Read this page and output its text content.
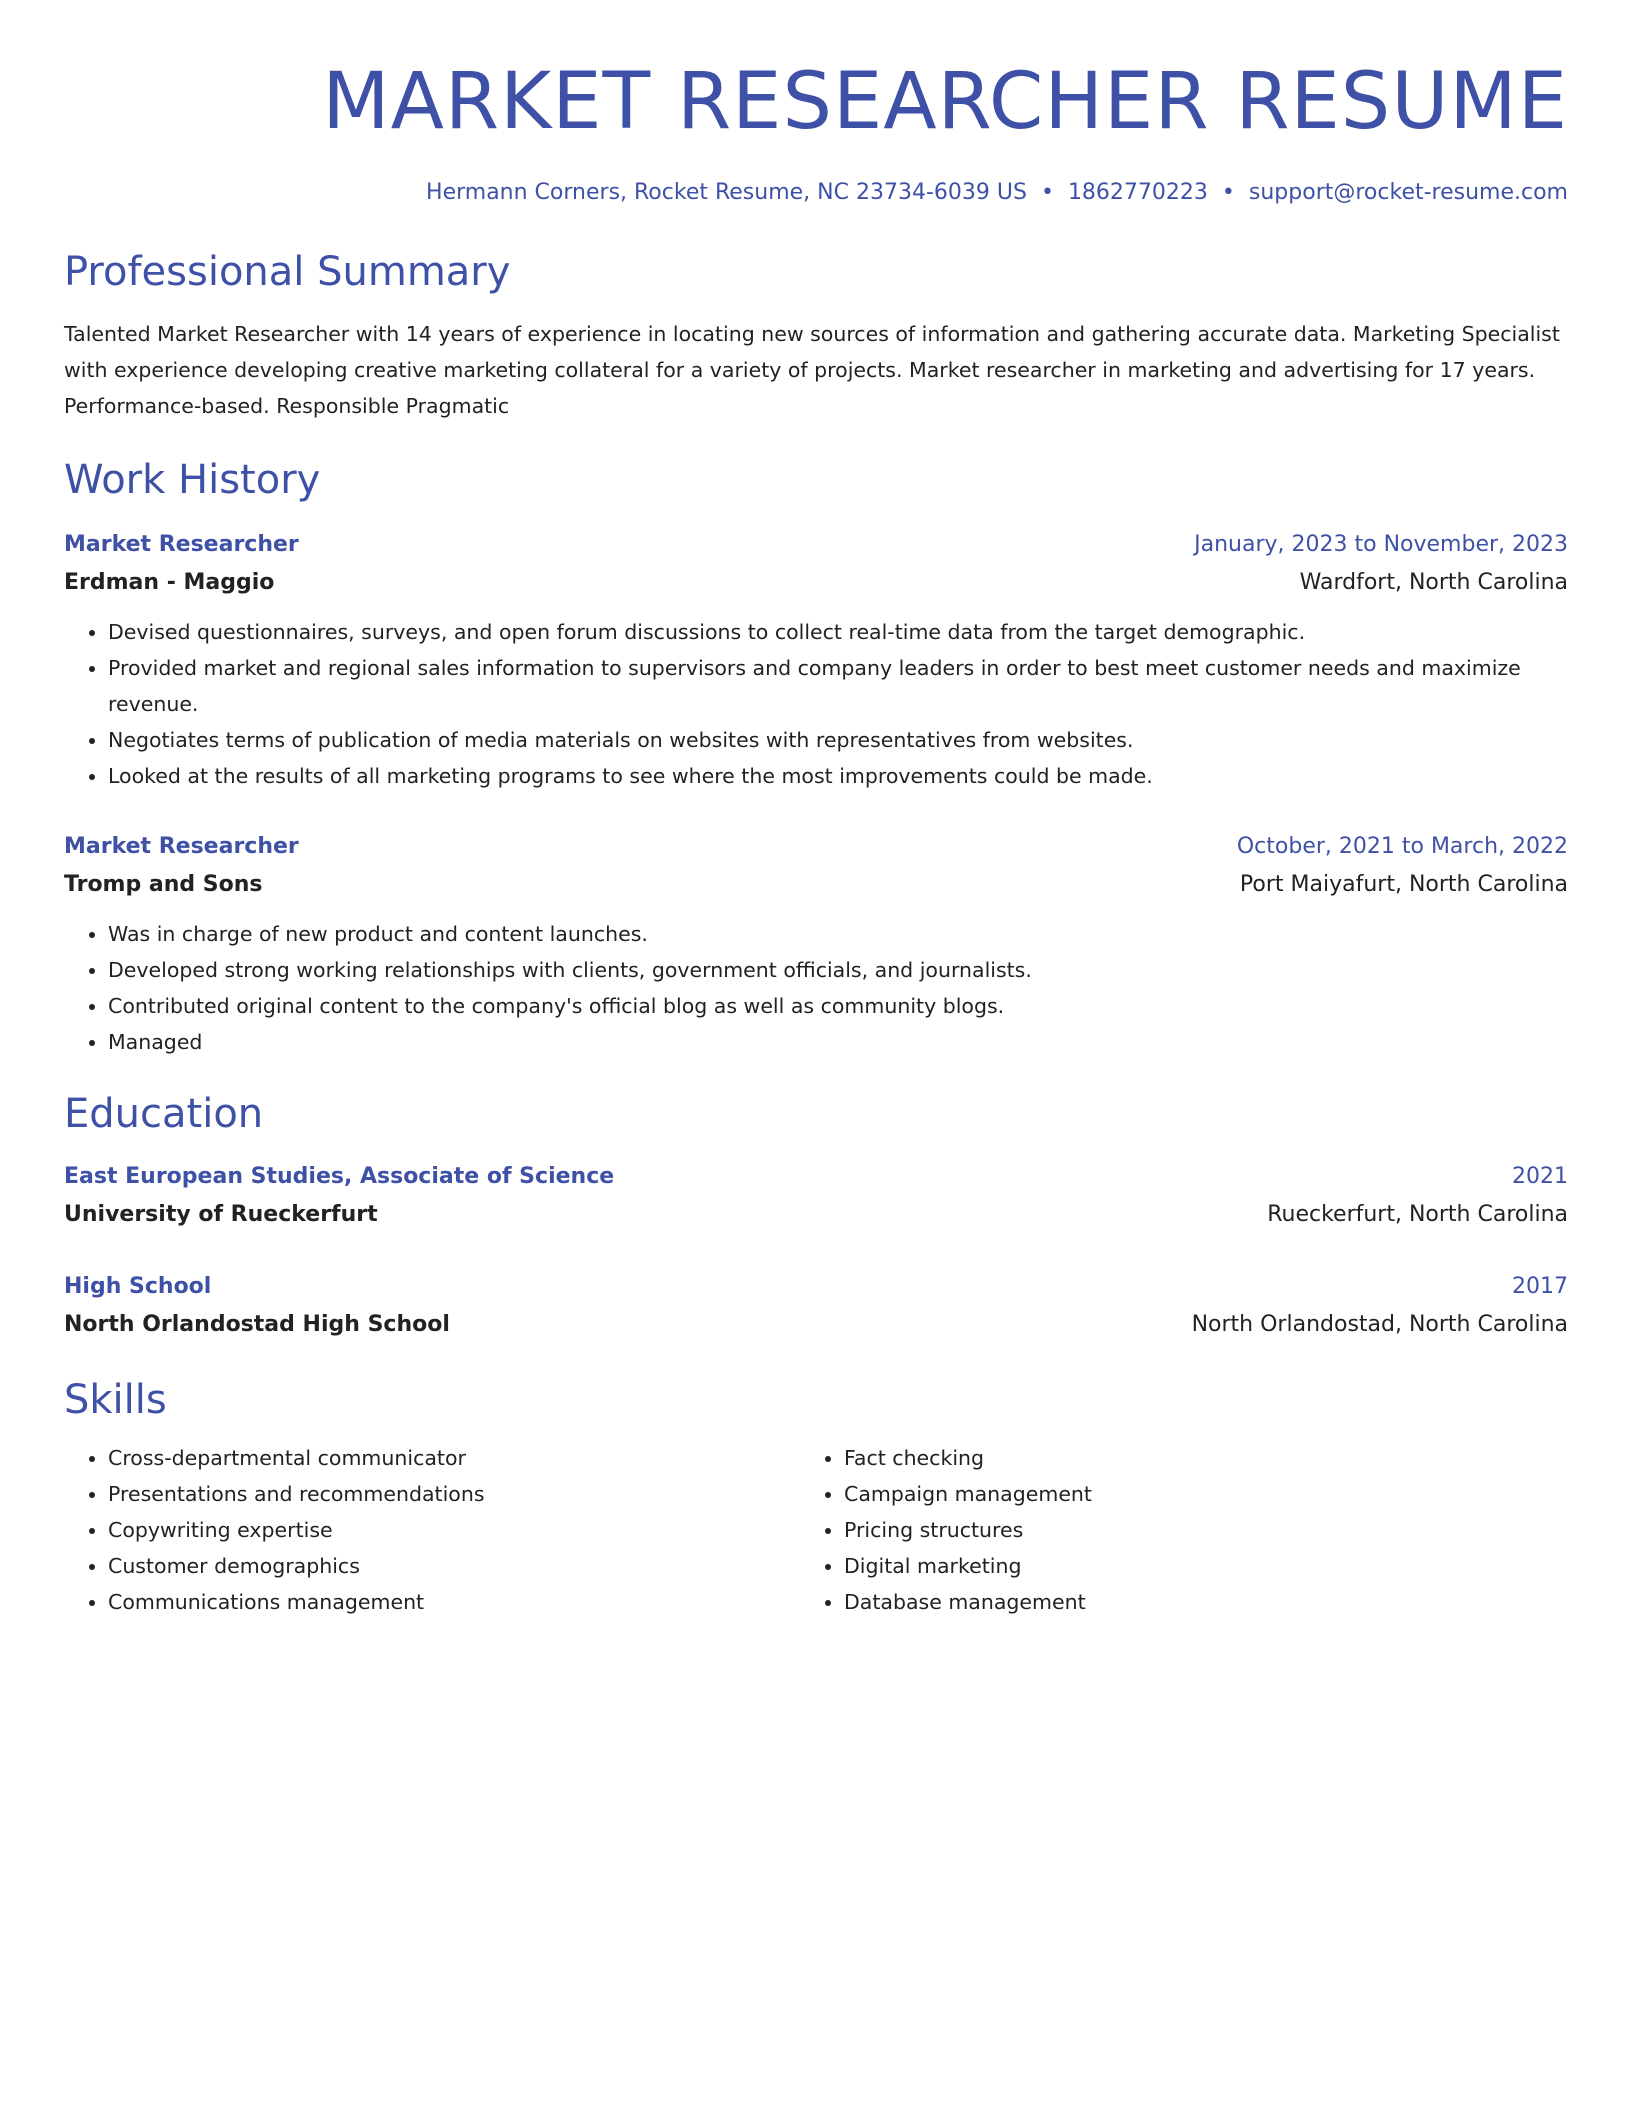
MARKET RESEARCHER RESUME
Hermann Corners, Rocket Resume, NC 23734-6039 US • 1862770223 • support@rocket-resume.com
Professional Summary
Talented Market Researcher with 14 years of experience in locating new sources of information and gathering accurate data. Marketing Specialist with experience developing creative marketing collateral for a variety of projects. Market researcher in marketing and advertising for 17 years. Performance-based. Responsible Pragmatic
Work History
Market Researcher	January, 2023 to November, 2023
Erdman - Maggio	Wardfort, North Carolina
• Devised questionnaires, surveys, and open forum discussions to collect real-time data from the target demographic.
• Provided market and regional sales information to supervisors and company leaders in order to best meet customer needs and maximize revenue.
• Negotiates terms of publication of media materials on websites with representatives from websites.
• Looked at the results of all marketing programs to see where the most improvements could be made.
Market Researcher	October, 2021 to March, 2022
Tromp and Sons	Port Maiyafurt, North Carolina
• Was in charge of new product and content launches.
• Developed strong working relationships with clients, government officials, and journalists.
• Contributed original content to the company's official blog as well as community blogs.
• Managed
Education
East European Studies, Associate of Science	2021
University of Rueckerfurt	Rueckerfurt, North Carolina
High School	2017
North Orlandostad High School	North Orlandostad, North Carolina
Skills
• Cross-departmental communicator
• Presentations and recommendations
• Copywriting expertise
• Customer demographics
• Communications management
• Fact checking
• Campaign management
• Pricing structures
• Digital marketing
• Database management
